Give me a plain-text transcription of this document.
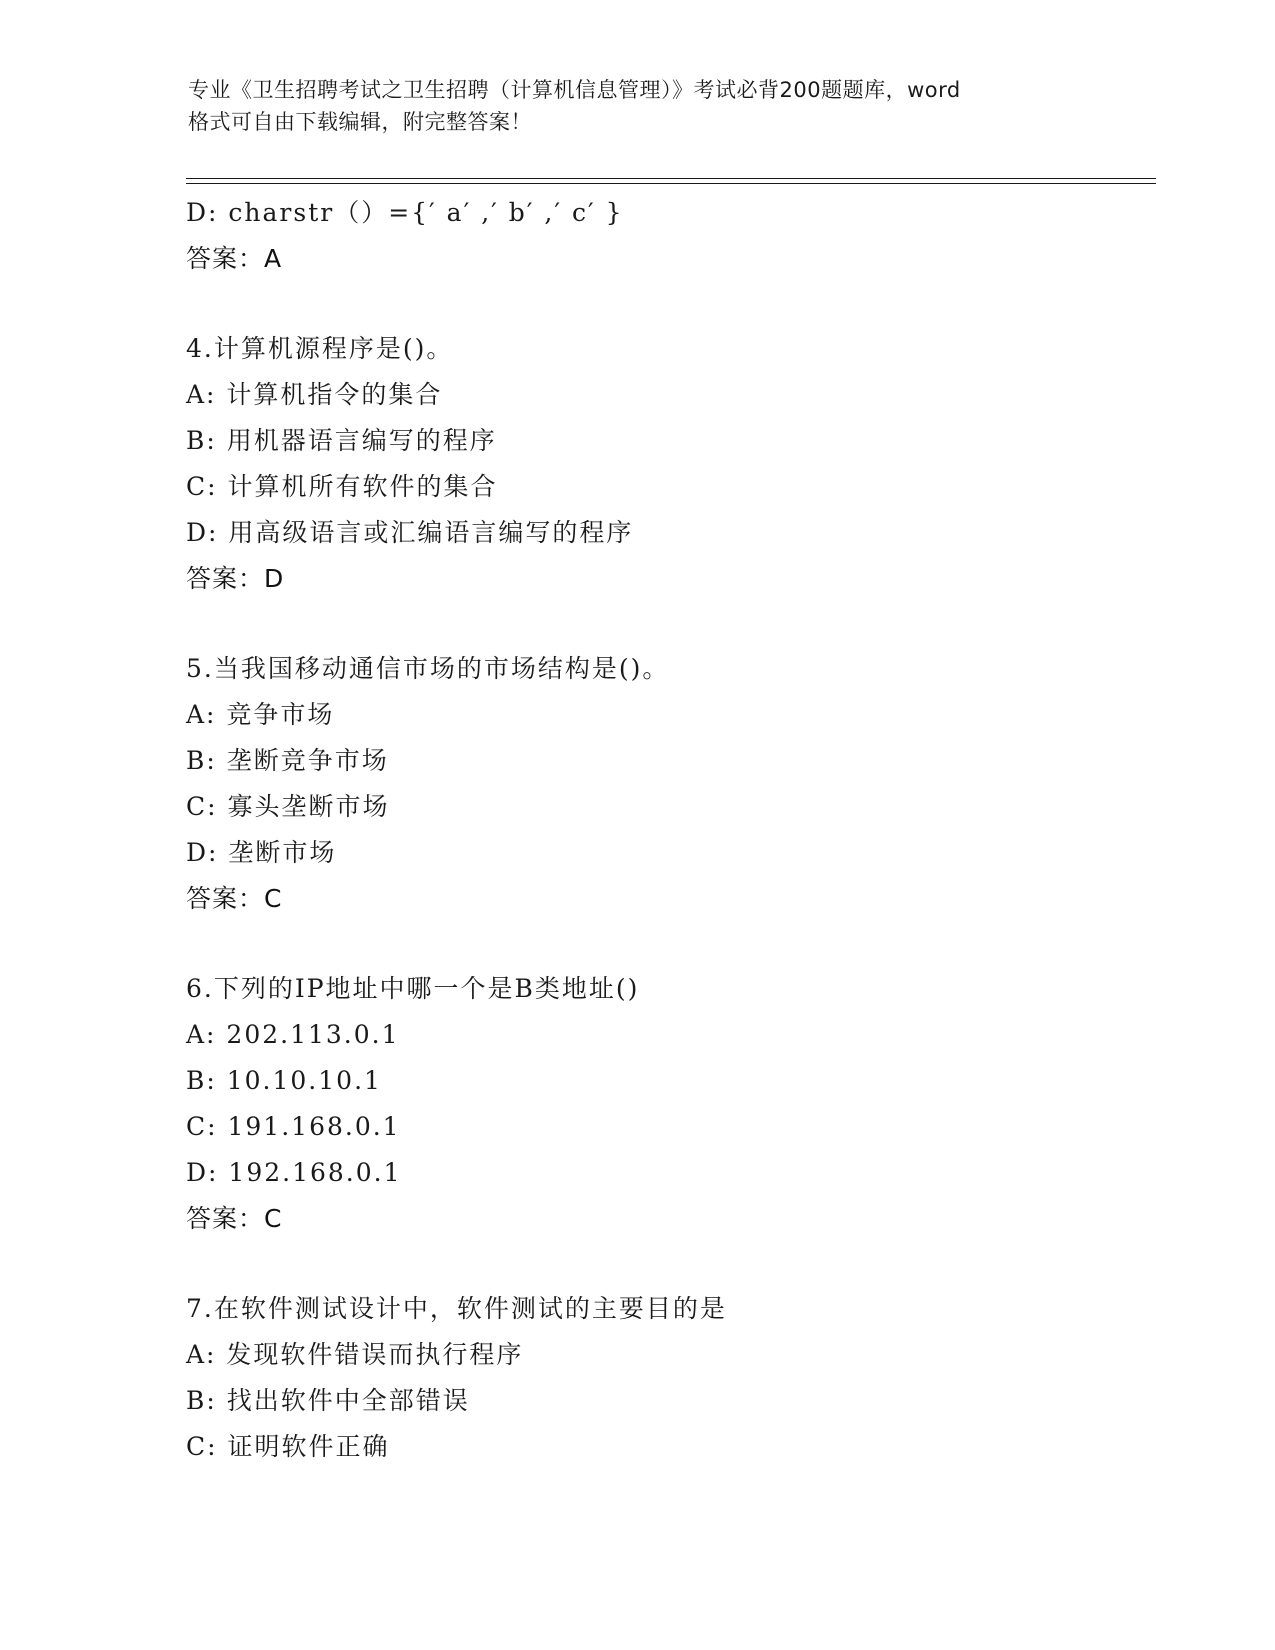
专业《卫生招聘考试之卫生招聘（计算机信息管理）》考试必背200题题库，word
格式可自由下载编辑，附完整答案！
D: charstr（）={′ a′ ,′ b′ ,′ c′ }
答案：A
4.计算机源程序是()。
A: 计算机指令的集合
B: 用机器语言编写的程序
C: 计算机所有软件的集合
D: 用高级语言或汇编语言编写的程序
答案：D
5.当我国移动通信市场的市场结构是()。
A: 竞争市场
B: 垄断竞争市场
C: 寡头垄断市场
D: 垄断市场
答案：C
6.下列的IP地址中哪一个是B类地址()
A: 202.113.0.1
B: 10.10.10.1
C: 191.168.0.1
D: 192.168.0.1
答案：C
7.在软件测试设计中，软件测试的主要目的是
A: 发现软件错误而执行程序
B: 找出软件中全部错误
C: 证明软件正确
